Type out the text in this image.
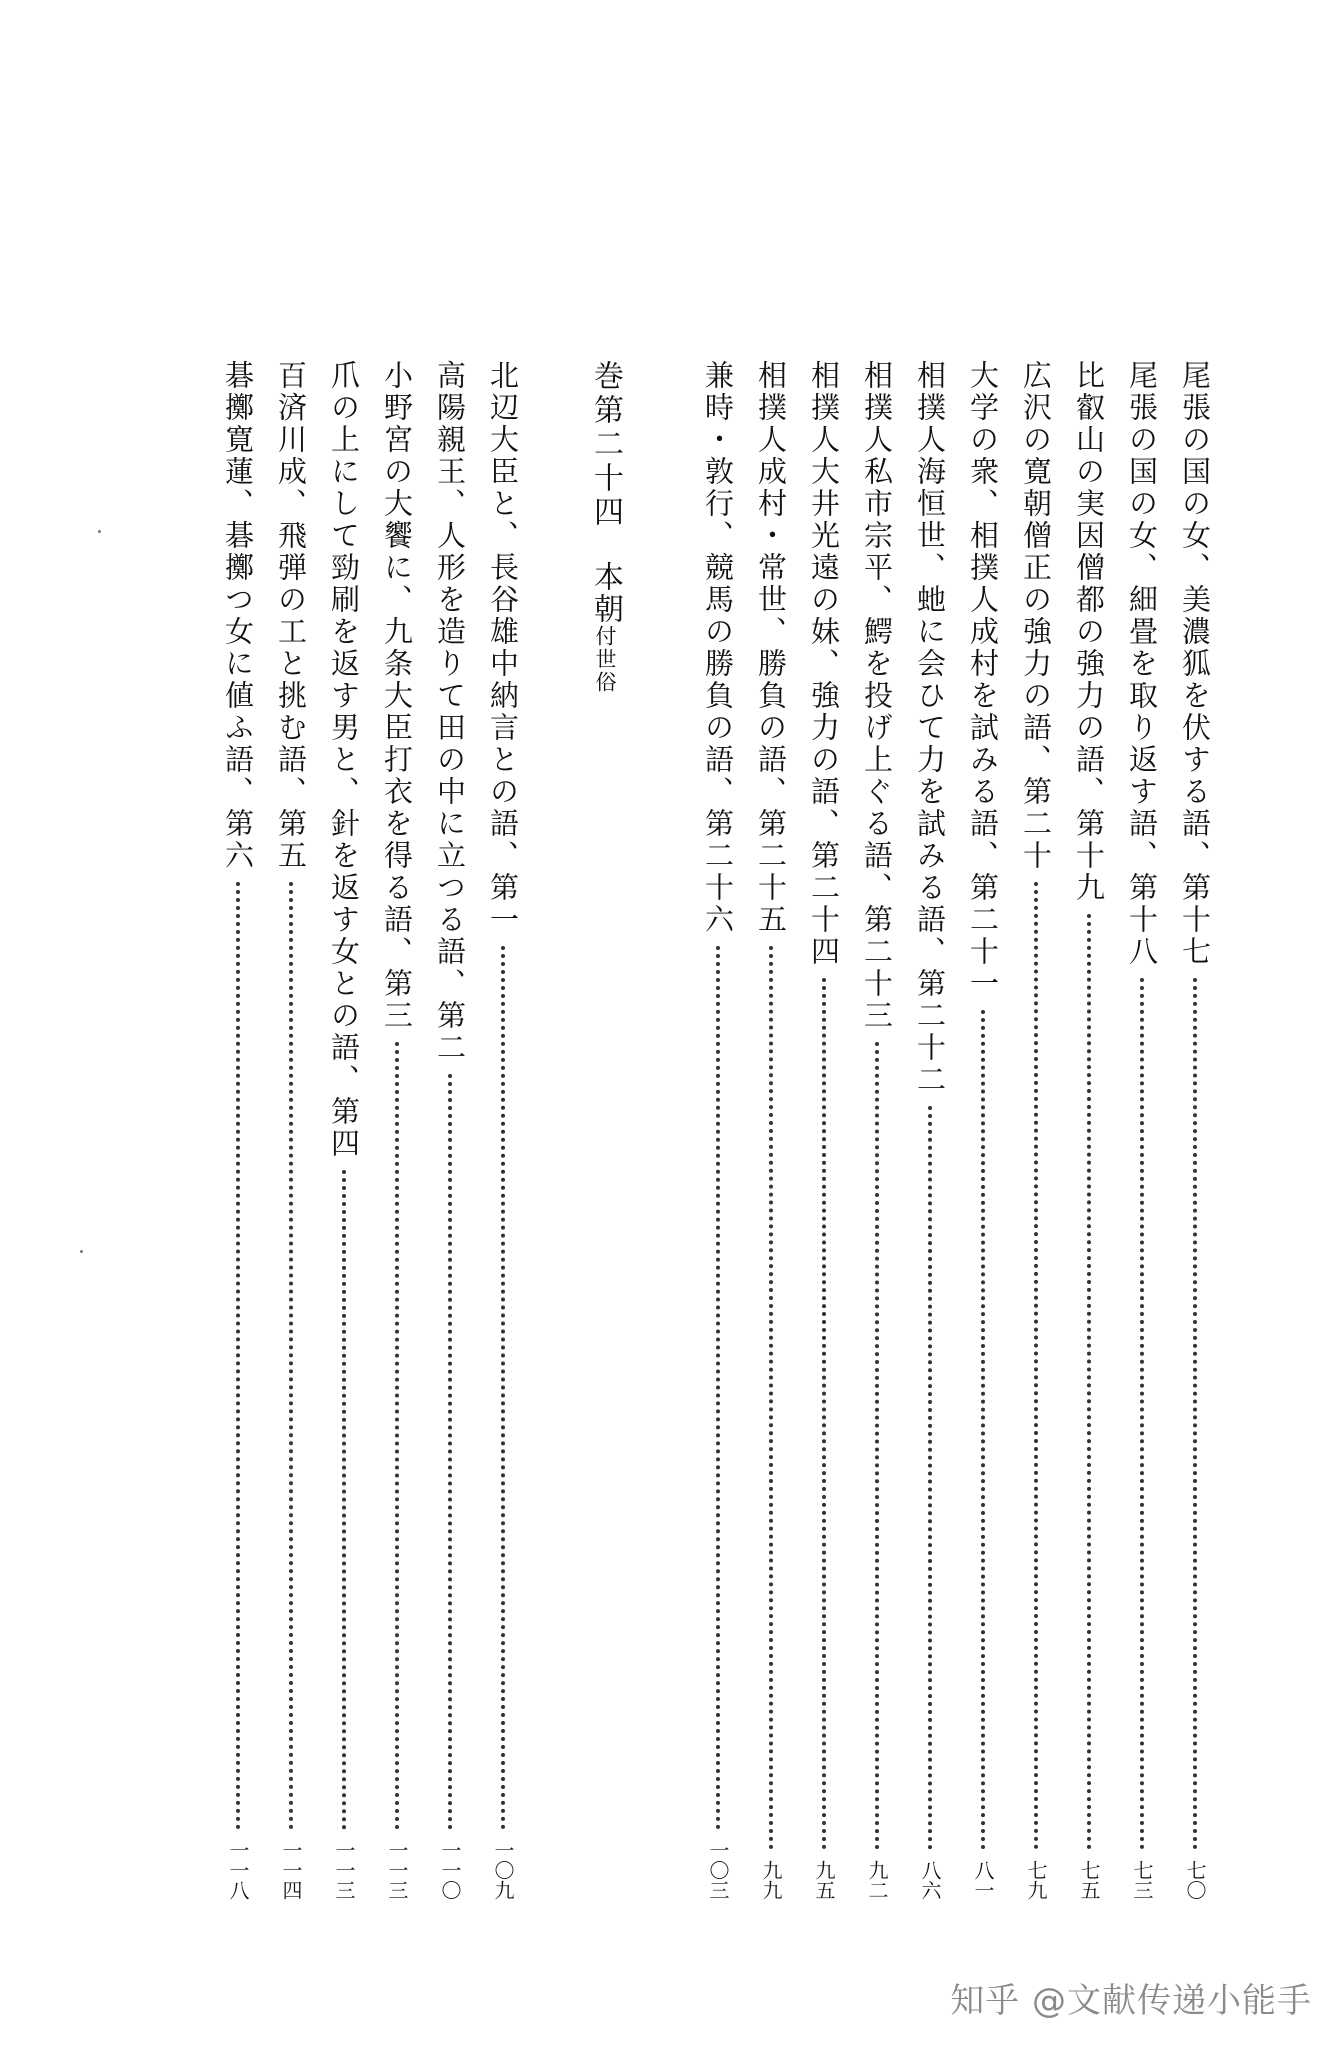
尾張の国の女、美濃狐を伏する語、第十七
七〇
尾張の国の女、細畳を取り返す語、第十八
七三
比叡山の実因僧都の強力の語、第十九
七五
広沢の寛朝僧正の強力の語、第二十
七九
大学の衆、相撲人成村を試みる語、第二十一
八一
相撲人海恒世、虵に会ひて力を試みる語、第二十二
八六
相撲人私市宗平、鰐を投げ上ぐる語、第二十三
九二
相撲人大井光遠の妹、強力の語、第二十四
九五
相撲人成村・常世、勝負の語、第二十五
九九
兼時・敦行、競馬の勝負の語、第二十六
一〇三
巻第二十四 本朝付世俗
北辺大臣と、長谷雄中納言との語、第一
一〇九
高陽親王、人形を造りて田の中に立つる語、第二
一一〇
小野宮の大饗に、九条大臣打衣を得る語、第三
一一三
爪の上にして勁刷を返す男と、針を返す女との語、第四
一一三
百済川成、飛弾の工と挑む語、第五
一一四
碁擲寛蓮、碁擲つ女に値ふ語、第六
一一八
知乎 @文献传递小能手
